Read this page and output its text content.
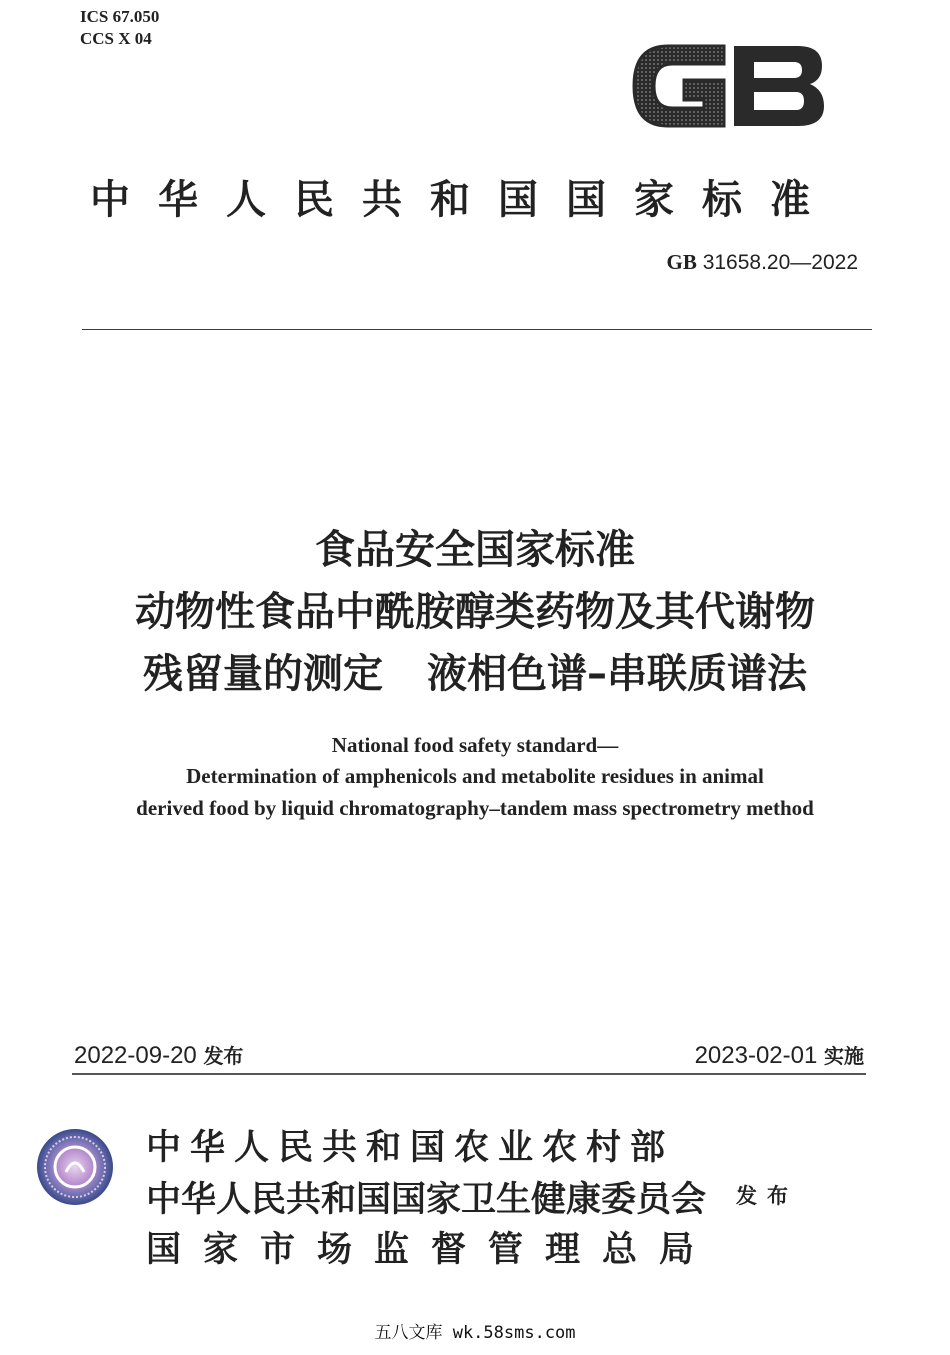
ICS 67.050
CCS X 04	GB
中华人民共和国国家标准
GB 31658.20—2022
食品安全国家标准
动物性食品中酰胺醇类药物及其代谢物
残留量的测定 液相色谱–串联质谱法
National food safety standard—
Determination of amphenicols and metabolite residues in animal
derived food by liquid chromatography–tandem mass spectrometry method
2022-09-20 发布	2023-02-01 实施
中华人民共和国农业农村部
中华人民共和国国家卫生健康委员会
国家市场监督管理总局
发布
五八文库 wk.58sms.com
